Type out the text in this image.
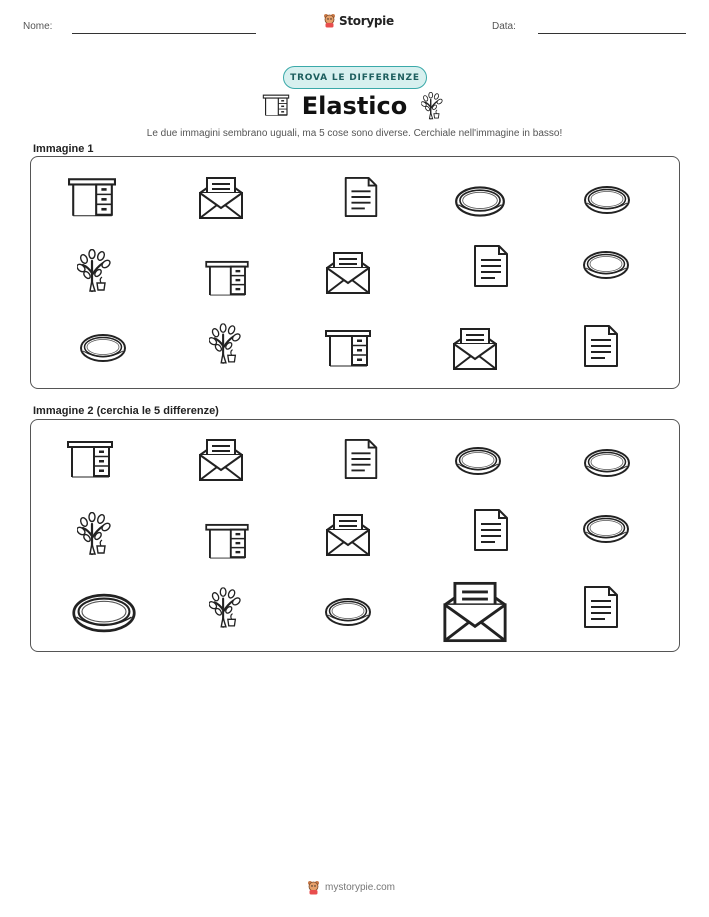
Nome:	Storypie	Data:
TROVA LE DIFFERENZE
Elastico
Le due immagini sembrano uguali, ma 5 cose sono diverse. Cerchiale nell'immagine in basso!
Immagine 1
Immagine 2 (cerchia le 5 differenze)
mystorypie.com
